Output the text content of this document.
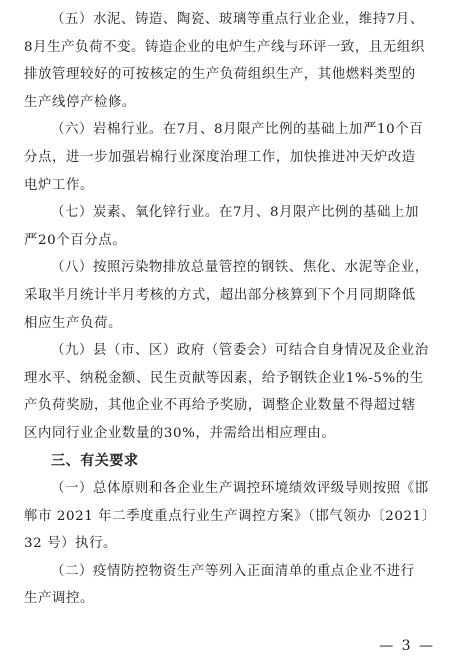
（五）水泥、铸造、陶瓷、玻璃等重点行业企业，维持7月、
8月生产负荷不变。铸造企业的电炉生产线与环评一致，且无组织
排放管理较好的可按核定的生产负荷组织生产，其他燃料类型的
生产线停产检修。
（六）岩棉行业。在7月、8月限产比例的基础上加严10个百
分点，进一步加强岩棉行业深度治理工作，加快推进冲天炉改造
电炉工作。
（七）炭素、氧化锌行业。在7月、8月限产比例的基础上加
严20个百分点。
（八）按照污染物排放总量管控的钢铁、焦化、水泥等企业，
采取半月统计半月考核的方式，超出部分核算到下个月同期降低
相应生产负荷。
（九）县（市、区）政府（管委会）可结合自身情况及企业治
理水平、纳税金额、民生贡献等因素，给予钢铁企业1%-5%的生
产负荷奖励，其他企业不再给予奖励，调整企业数量不得超过辖
区内同行业企业数量的30%，并需给出相应理由。
三、有关要求
（一）总体原则和各企业生产调控环境绩效评级导则按照《邯
郸市 2021 年二季度重点行业生产调控方案》（邯气领办〔2021〕
32 号）执行。
（二）疫情防控物资生产等列入正面清单的重点企业不进行
生产调控。
— 3 —
